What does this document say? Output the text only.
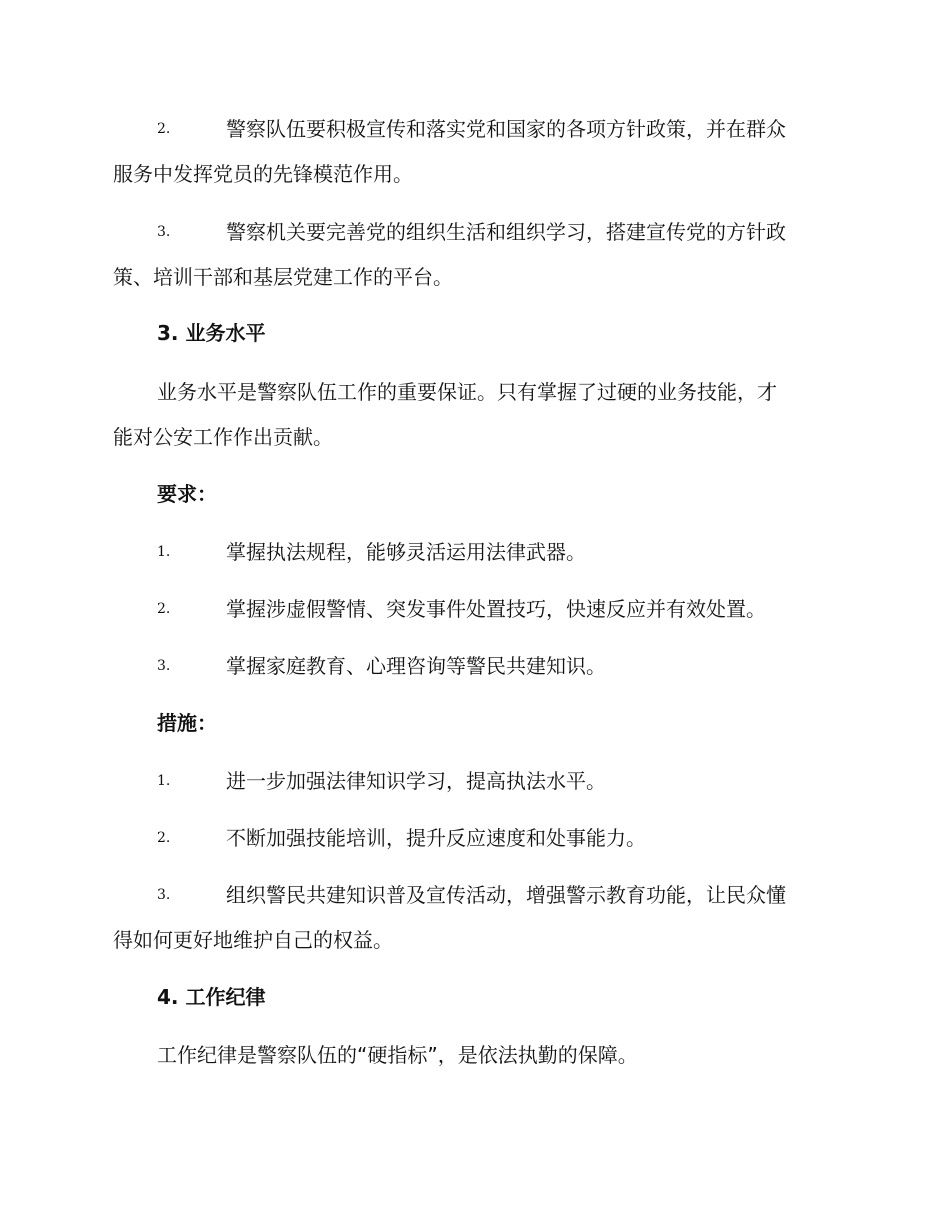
2.	警察队伍要积极宣传和落实党和国家的各项方针政策，并在群众
服务中发挥党员的先锋模范作用。
3.	警察机关要完善党的组织生活和组织学习，搭建宣传党的方针政
策、培训干部和基层党建工作的平台。
3. 业务水平
业务水平是警察队伍工作的重要保证。只有掌握了过硬的业务技能，才
能对公安工作作出贡献。
要求：
1.	掌握执法规程，能够灵活运用法律武器。
2.	掌握涉虚假警情、突发事件处置技巧，快速反应并有效处置。
3.	掌握家庭教育、心理咨询等警民共建知识。
措施：
1.	进一步加强法律知识学习，提高执法水平。
2.	不断加强技能培训，提升反应速度和处事能力。
3.	组织警民共建知识普及宣传活动，增强警示教育功能，让民众懂
得如何更好地维护自己的权益。
4. 工作纪律
工作纪律是警察队伍的“硬指标”，是依法执勤的保障。
